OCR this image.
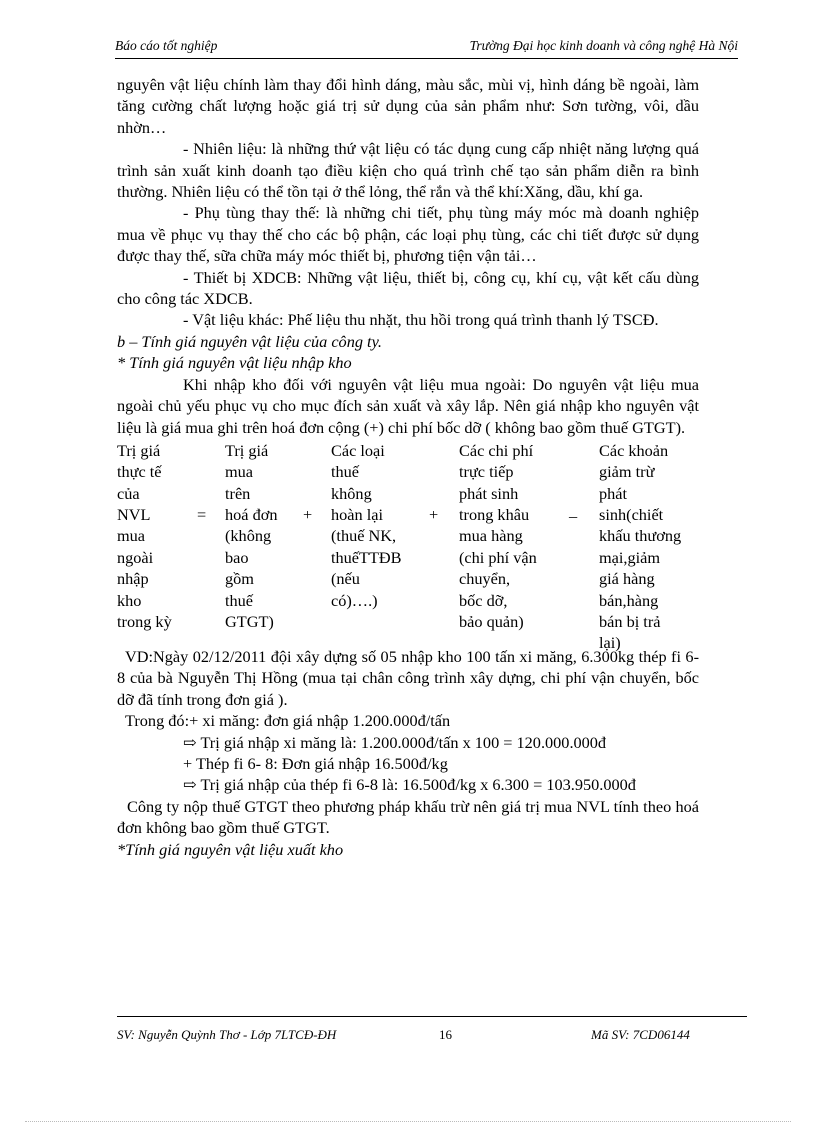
Báo cáo tốt nghiệp	Trường Đại học kinh doanh và công nghệ Hà Nội

nguyên vật liệu chính làm thay đổi hình dáng, màu sắc, mùi vị, hình dáng bề ngoài, làm tăng cường chất lượng hoặc giá trị sử dụng của sản phẩm như: Sơn tường, vôi, dầu nhờn…

- Nhiên liệu: là những thứ vật liệu có tác dụng cung cấp nhiệt năng lượng quá trình sản xuất kinh doanh tạo điều kiện cho quá trình chế tạo sản phẩm diễn ra bình thường. Nhiên liệu có thể tồn tại ở thể lỏng, thể rắn và thể khí:Xăng, dầu, khí ga.

- Phụ tùng thay thế: là những chi tiết, phụ tùng máy móc mà doanh nghiệp mua về phục vụ thay thế cho các bộ phận, các loại phụ tùng, các chi tiết được sử dụng được thay thế, sữa chữa máy móc thiết bị, phương tiện vận tải…

- Thiết bị XDCB: Những vật liệu, thiết bị, công cụ, khí cụ, vật kết cấu dùng cho công tác XDCB.

- Vật liệu khác: Phế liệu thu nhặt, thu hồi trong quá trình thanh lý TSCĐ.

b – Tính giá nguyên vật liệu của công ty.

* Tính giá nguyên vật liệu nhập kho

Khi nhập kho đối với nguyên vật liệu mua ngoài: Do nguyên vật liệu mua ngoài chủ yếu phục vụ cho mục đích sản xuất và xây lắp. Nên giá nhập kho nguyên vật liệu là giá mua ghi trên hoá đơn cộng (+) chi phí bốc dỡ ( không bao gồm thuế GTGT).

Trị giá
thực tế
của
NVL
mua
ngoài
nhập
kho
trong kỳ
=
Trị giá
mua
trên
hoá đơn
(không
bao
gồm
thuế
GTGT)
+
Các loại
thuế
không
hoàn lại
(thuế NK,
thuếTTĐB
(nếu
có)….)
+
Các chi phí
trực tiếp
phát sinh
trong khâu
mua hàng
(chi phí vận
chuyển,
bốc dỡ,
bảo quản)
_
Các khoản
giảm trừ
phát
sinh(chiết
khấu thương
mại,giảm
giá hàng
bán,hàng
bán bị trả
lại)

VD:Ngày 02/12/2011 đội xây dựng số 05 nhập kho 100 tấn xi măng, 6.300kg thép fi 6-8 của bà Nguyễn Thị Hồng (mua tại chân công trình xây dựng, chi phí vận chuyển, bốc dỡ đã tính trong đơn giá ).

Trong đó:+ xi măng: đơn giá nhập 1.200.000đ/tấn

⇨ Trị giá nhập xi măng là: 1.200.000đ/tấn x 100 = 120.000.000đ

+ Thép fi 6- 8: Đơn giá nhập 16.500đ/kg

⇨ Trị giá nhập của thép fi 6-8 là: 16.500đ/kg x 6.300 = 103.950.000đ

Công ty nộp thuế GTGT theo phương pháp khấu trừ nên giá trị mua NVL tính theo hoá đơn không bao gồm thuế GTGT.

*Tính giá nguyên vật liệu xuất kho

SV: Nguyễn Quỳnh Thơ - Lớp 7LTCĐ-ĐH	16	Mã SV: 7CD06144
